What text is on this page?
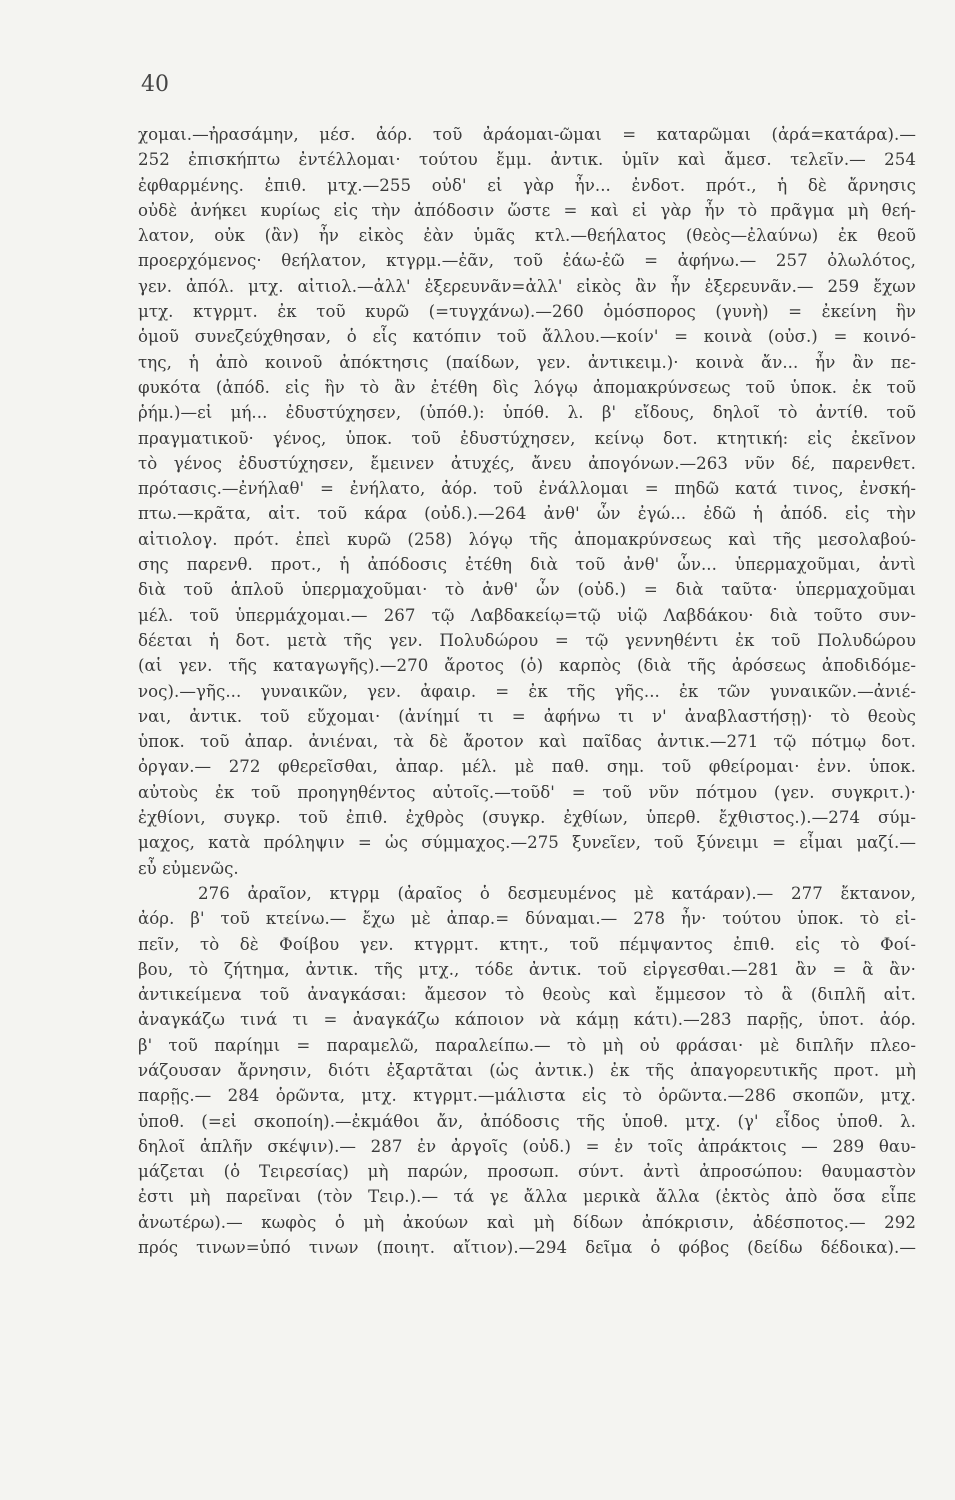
40
χομαι.—ἠρασάμην, μέσ. ἀόρ. τοῦ ἀράομαι-ῶμαι = καταρῶμαι (ἀρά=κατάρα).—
252 ἐπισκήπτω ἐντέλλομαι· τούτου ἔμμ. ἀντικ. ὑμῖν καὶ ἄμεσ. τελεῖν.— 254
ἐφθαρμένης. ἐπιθ. μτχ.—255 οὐδ' εἰ γὰρ ἦν... ἐνδοτ. πρότ., ἡ δὲ ἄρνησις
οὐδὲ ἀνήκει κυρίως εἰς τὴν ἀπόδοσιν ὥστε = καὶ εἰ γὰρ ἦν τὸ πρᾶγμα μὴ θεή-
λατον, οὐκ (ἂν) ἦν εἰκὸς ἐὰν ὑμᾶς κτλ.—θεήλατος (θεὸς—ἐλαύνω) ἐκ θεοῦ
προερχόμενος· θεήλατον, κτγρμ.—ἐᾶν, τοῦ ἐάω-ἐῶ = ἀφήνω.— 257 ὀλωλότος,
γεν. ἀπόλ. μτχ. αἰτιολ.—ἀλλ' ἐξερευνᾶν=ἀλλ' εἰκὸς ἂν ἦν ἐξερευνᾶν.— 259 ἔχων
μτχ. κτγρμτ. ἐκ τοῦ κυρῶ (=τυγχάνω).—260 ὁμόσπορος (γυνὴ) = ἐκείνη ἣν
ὁμοῦ συνεζεύχθησαν, ὁ εἷς κατόπιν τοῦ ἄλλου.—κοίν' = κοινὰ (οὐσ.) = κοινό-
της, ἡ ἀπὸ κοινοῦ ἀπόκτησις (παίδων, γεν. ἀντικειμ.)· κοινὰ ἄν... ἦν ἂν πε-
φυκότα (ἀπόδ. εἰς ἣν τὸ ἂν ἐτέθη δὶς λόγῳ ἀπομακρύνσεως τοῦ ὑποκ. ἐκ τοῦ
ῥήμ.)—εἰ μή... ἐδυστύχησεν, (ὑπόθ.): ὑπόθ. λ. β' εἴδους, δηλοῖ τὸ ἀντίθ. τοῦ
πραγματικοῦ· γένος, ὑποκ. τοῦ ἐδυστύχησεν, κείνῳ δοτ. κτητική: εἰς ἐκεῖνον
τὸ γένος ἐδυστύχησεν, ἔμεινεν ἀτυχές, ἄνευ ἀπογόνων.—263 νῦν δέ, παρενθετ.
πρότασις.—ἐνήλαθ' = ἐνήλατο, ἀόρ. τοῦ ἐνάλλομαι = πηδῶ κατά τινος, ἐνσκή-
πτω.—κρᾶτα, αἰτ. τοῦ κάρα (οὐδ.).—264 ἀνθ' ὧν ἐγώ... ἐδῶ ἡ ἀπόδ. εἰς τὴν
αἰτιολογ. πρότ. ἐπεὶ κυρῶ (258) λόγῳ τῆς ἀπομακρύνσεως καὶ τῆς μεσολαβού-
σης παρενθ. προτ., ἡ ἀπόδοσις ἐτέθη διὰ τοῦ ἀνθ' ὧν... ὑπερμαχοῦμαι, ἀντὶ
διὰ τοῦ ἁπλοῦ ὑπερμαχοῦμαι· τὸ ἀνθ' ὧν (οὐδ.) = διὰ ταῦτα· ὑπερμαχοῦμαι
μέλ. τοῦ ὑπερμάχομαι.— 267 τῷ Λαβδακείῳ=τῷ υἱῷ Λαβδάκου· διὰ τοῦτο συν-
δέεται ἡ δοτ. μετὰ τῆς γεν. Πολυδώρου = τῷ γεννηθέντι ἐκ τοῦ Πολυδώρου
(αἱ γεν. τῆς καταγωγῆς).—270 ἄροτος (ὁ) καρπὸς (διὰ τῆς ἀρόσεως ἀποδιδόμε-
νος).—γῆς... γυναικῶν, γεν. ἀφαιρ. = ἐκ τῆς γῆς... ἐκ τῶν γυναικῶν.—ἀνιέ-
ναι, ἀντικ. τοῦ εὔχομαι· (ἀνίημί τι = ἀφήνω τι ν' ἀναβλαστήσῃ)· τὸ θεοὺς
ὑποκ. τοῦ ἀπαρ. ἀνιέναι, τὰ δὲ ἄροτον καὶ παῖδας ἀντικ.—271 τῷ πότμῳ δοτ.
ὀργαν.— 272 φθερεῖσθαι, ἀπαρ. μέλ. μὲ παθ. σημ. τοῦ φθείρομαι· ἐνν. ὑποκ.
αὐτοὺς ἐκ τοῦ προηγηθέντος αὐτοῖς.—τοῦδ' = τοῦ νῦν πότμου (γεν. συγκριτ.)·
ἐχθίονι, συγκρ. τοῦ ἐπιθ. ἐχθρὸς (συγκρ. ἐχθίων, ὑπερθ. ἔχθιστος.).—274 σύμ-
μαχος, κατὰ πρόληψιν = ὡς σύμμαχος.—275 ξυνεῖεν, τοῦ ξύνειμι = εἶμαι μαζί.—
εὖ εὐμενῶς.
276 ἀραῖον, κτγρμ (ἀραῖος ὁ δεσμευμένος μὲ κατάραν).— 277 ἔκτανον,
ἀόρ. β' τοῦ κτείνω.— ἔχω μὲ ἀπαρ.= δύναμαι.— 278 ἦν· τούτου ὑποκ. τὸ εἰ-
πεῖν, τὸ δὲ Φοίβου γεν. κτγρμτ. κτητ., τοῦ πέμψαντος ἐπιθ. εἰς τὸ Φοί-
βου, τὸ ζήτημα, ἀντικ. τῆς μτχ., τόδε ἀντικ. τοῦ εἰργεσθαι.—281 ἂν = ἃ ἂν·
ἀντικείμενα τοῦ ἀναγκάσαι: ἄμεσον τὸ θεοὺς καὶ ἔμμεσον τὸ ἃ (διπλῆ αἰτ.
ἀναγκάζω τινά τι = ἀναγκάζω κάποιον νὰ κάμῃ κάτι).—283 παρῇς, ὑποτ. ἀόρ.
β' τοῦ παρίημι = παραμελῶ, παραλείπω.— τὸ μὴ οὐ φράσαι· μὲ διπλῆν πλεο-
νάζουσαν ἄρνησιν, διότι ἐξαρτᾶται (ὡς ἀντικ.) ἐκ τῆς ἀπαγορευτικῆς προτ. μὴ
παρῇς.— 284 ὁρῶντα, μτχ. κτγρμτ.—μάλιστα εἰς τὸ ὁρῶντα.—286 σκοπῶν, μτχ.
ὑποθ. (=εἰ σκοποίη).—ἐκμάθοι ἄν, ἀπόδοσις τῆς ὑποθ. μτχ. (γ' εἶδος ὑποθ. λ.
δηλοῖ ἁπλῆν σκέψιν).— 287 ἐν ἀργοῖς (οὐδ.) = ἐν τοῖς ἀπράκτοις — 289 θαυ-
μάζεται (ὁ Τειρεσίας) μὴ παρών, προσωπ. σύντ. ἀντὶ ἀπροσώπου: θαυμαστὸν
ἐστι μὴ παρεῖναι (τὸν Τειρ.).— τά γε ἄλλα μερικὰ ἄλλα (ἐκτὸς ἀπὸ ὅσα εἶπε
ἀνωτέρω).— κωφὸς ὁ μὴ ἀκούων καὶ μὴ δίδων ἀπόκρισιν, ἀδέσποτος.— 292
πρός τινων=ὑπό τινων (ποιητ. αἴτιον).—294 δεῖμα ὁ φόβος (δείδω δέδοικα).—
